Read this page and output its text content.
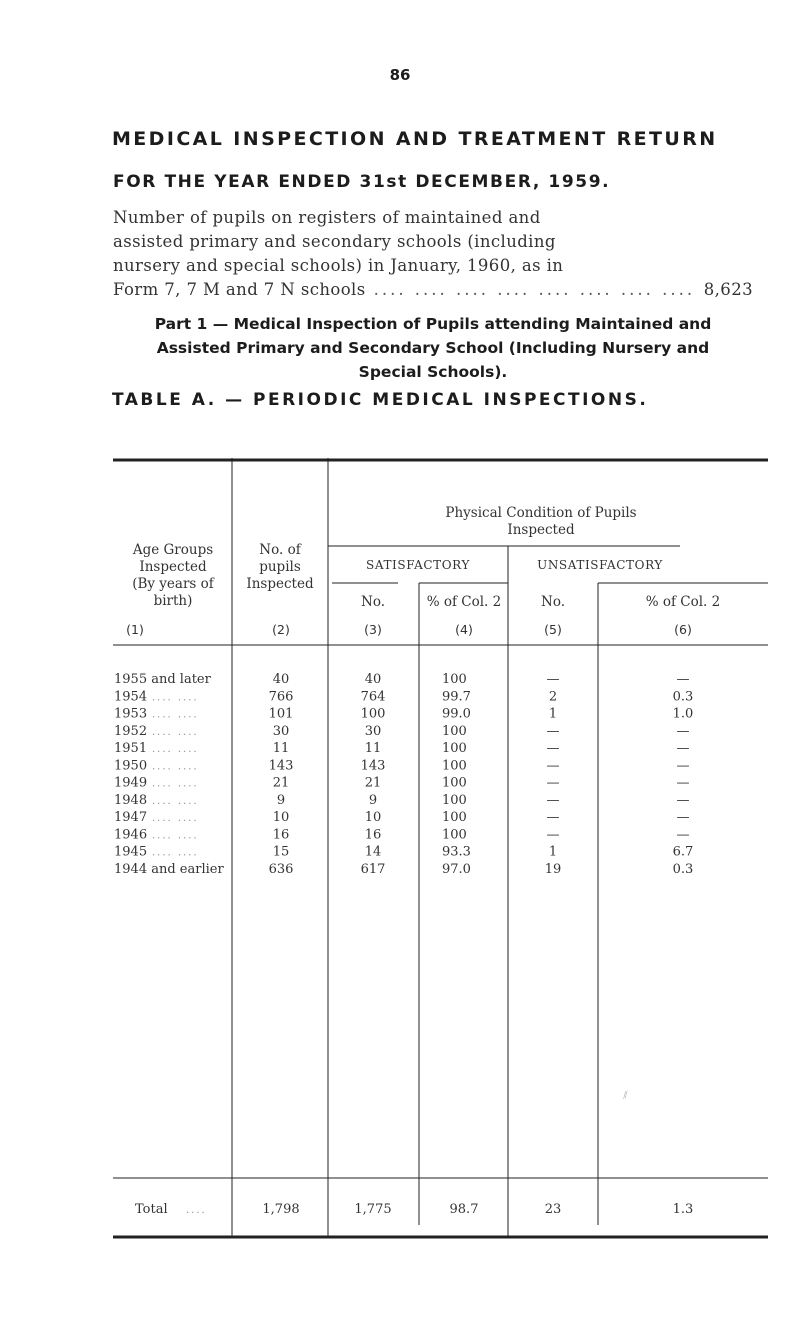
86
MEDICAL INSPECTION AND TREATMENT RETURN
FOR THE YEAR ENDED 31st DECEMBER, 1959.
Number of pupils on registers of maintained and
assisted primary and secondary schools (including
nursery and special schools) in January, 1960, as in
Form 7, 7 M and 7 N schools .... .... .... .... .... .... .... .... 8,623
Part 1 — Medical Inspection of Pupils attending Maintained and
Assisted Primary and Secondary School (Including Nursery and
Special Schools).
TABLE A. — PERIODIC MEDICAL INSPECTIONS.
Age Groups
Inspected
(By years of
birth)
No. of
pupils
Inspected
Physical Condition of Pupils
Inspected
SATISFACTORY	UNSATISFACTORY
No.	% of Col. 2	No.	% of Col. 2
(1)	(2)	(3)	(4)	(5)	(6)
1955 and later	40	40	100	—	—
1954 .... ....	766	764	99.7	2	0.3
1953 .... ....	101	100	99.0	1	1.0
1952 .... ....	30	30	100	—	—
1951 .... ....	11	11	100	—	—
1950 .... ....	143	143	100	—	—
1949 .... ....	21	21	100	—	—
1948 .... ....	9	9	100	—	—
1947 .... ....	10	10	100	—	—
1946 .... ....	16	16	100	—	—
1945 .... ....	15	14	93.3	1	6.7
1944 and earlier	636	617	97.0	19	0.3
Total ....	1,798	1,775	98.7	23	1.3
⁄⁄
